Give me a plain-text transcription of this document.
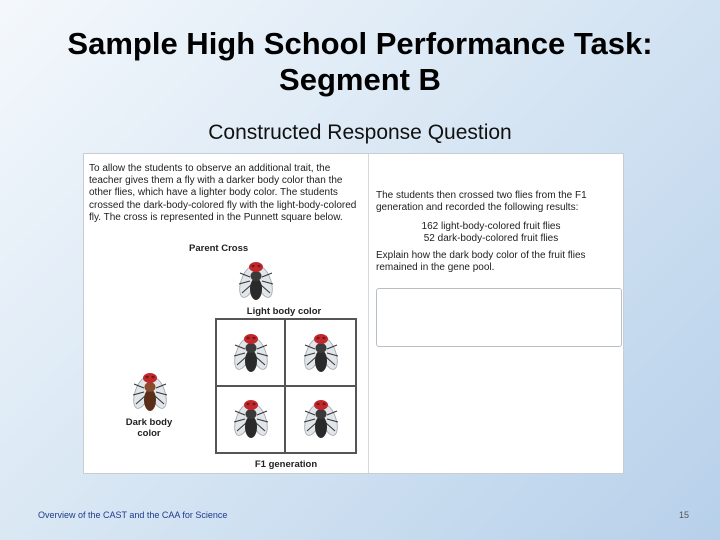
Sample High School Performance Task:
Segment B
Constructed Response Question
To allow the students to observe an additional trait, the teacher gives them a fly with a darker body color than the other flies, which have a lighter body color. The students crossed the dark-body-colored fly with the light-body-colored fly. The cross is represented in the Punnett square below.
Parent Cross
Light body color
Dark body
color
F1 generation
The students then crossed two flies from the F1 generation and recorded the following results:
162 light-body-colored fruit flies
52 dark-body-colored fruit flies
Explain how the dark body color of the fruit flies remained in the gene pool.
Overview of the CAST and the CAA for Science	15
